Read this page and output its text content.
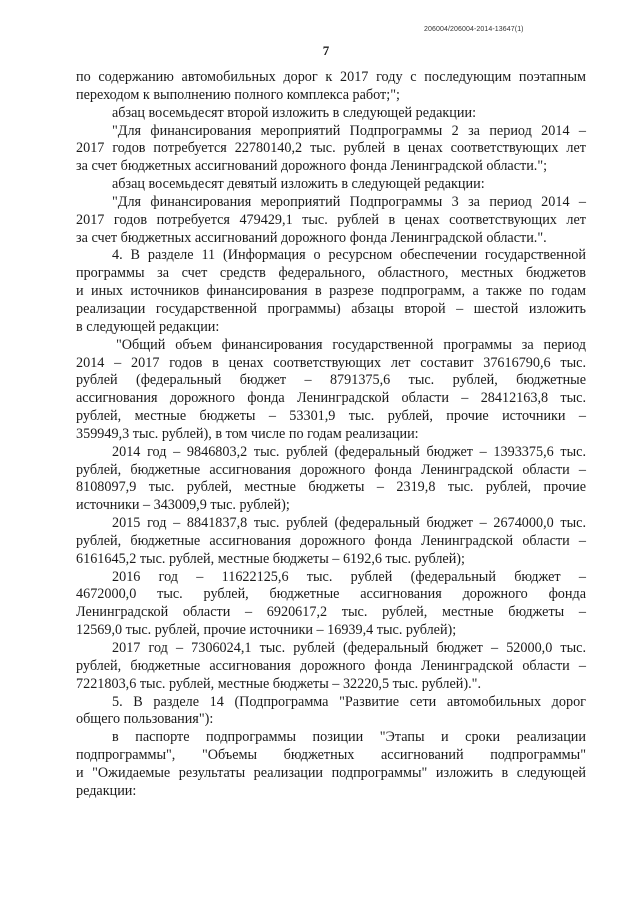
206004/206004-2014-13647(1)
7
по содержанию автомобильных дорог к 2017 году с последующим поэтапным
переходом к выполнению полного комплекса работ;";
абзац восемьдесят второй изложить в следующей редакции:
"Для финансирования мероприятий Подпрограммы 2 за период 2014 –
2017 годов потребуется 22780140,2 тыс. рублей в ценах соответствующих лет
за счет бюджетных ассигнований дорожного фонда Ленинградской области.";
абзац восемьдесят девятый изложить в следующей редакции:
"Для финансирования мероприятий Подпрограммы 3 за период 2014 –
2017 годов потребуется 479429,1 тыс. рублей в ценах соответствующих лет
за счет бюджетных ассигнований дорожного фонда Ленинградской области.".
4. В разделе 11 (Информация о ресурсном обеспечении государственной
программы за счет средств федерального, областного, местных бюджетов
и иных источников финансирования в разрезе подпрограмм, а также по годам
реализации государственной программы) абзацы второй – шестой изложить
в следующей редакции:
"Общий объем финансирования государственной программы за период
2014 – 2017 годов в ценах соответствующих лет составит 37616790,6 тыс.
рублей (федеральный бюджет – 8791375,6 тыс. рублей, бюджетные
ассигнования дорожного фонда Ленинградской области – 28412163,8 тыс.
рублей, местные бюджеты – 53301,9 тыс. рублей, прочие источники –
359949,3 тыс. рублей), в том числе по годам реализации:
2014 год – 9846803,2 тыс. рублей (федеральный бюджет – 1393375,6 тыс.
рублей, бюджетные ассигнования дорожного фонда Ленинградской области –
8108097,9 тыс. рублей, местные бюджеты – 2319,8 тыс. рублей, прочие
источники – 343009,9 тыс. рублей);
2015 год – 8841837,8 тыс. рублей (федеральный бюджет – 2674000,0 тыс.
рублей, бюджетные ассигнования дорожного фонда Ленинградской области –
6161645,2 тыс. рублей, местные бюджеты – 6192,6 тыс. рублей);
2016 год – 11622125,6 тыс. рублей (федеральный бюджет –
4672000,0 тыс. рублей, бюджетные ассигнования дорожного фонда
Ленинградской области – 6920617,2 тыс. рублей, местные бюджеты –
12569,0 тыс. рублей, прочие источники – 16939,4 тыс. рублей);
2017 год – 7306024,1 тыс. рублей (федеральный бюджет – 52000,0 тыс.
рублей, бюджетные ассигнования дорожного фонда Ленинградской области –
7221803,6 тыс. рублей, местные бюджеты – 32220,5 тыс. рублей).".
5. В разделе 14 (Подпрограмма "Развитие сети автомобильных дорог
общего пользования"):
в паспорте подпрограммы позиции "Этапы и сроки реализации
подпрограммы", "Объемы бюджетных ассигнований подпрограммы"
и "Ожидаемые результаты реализации подпрограммы" изложить в следующей
редакции:
